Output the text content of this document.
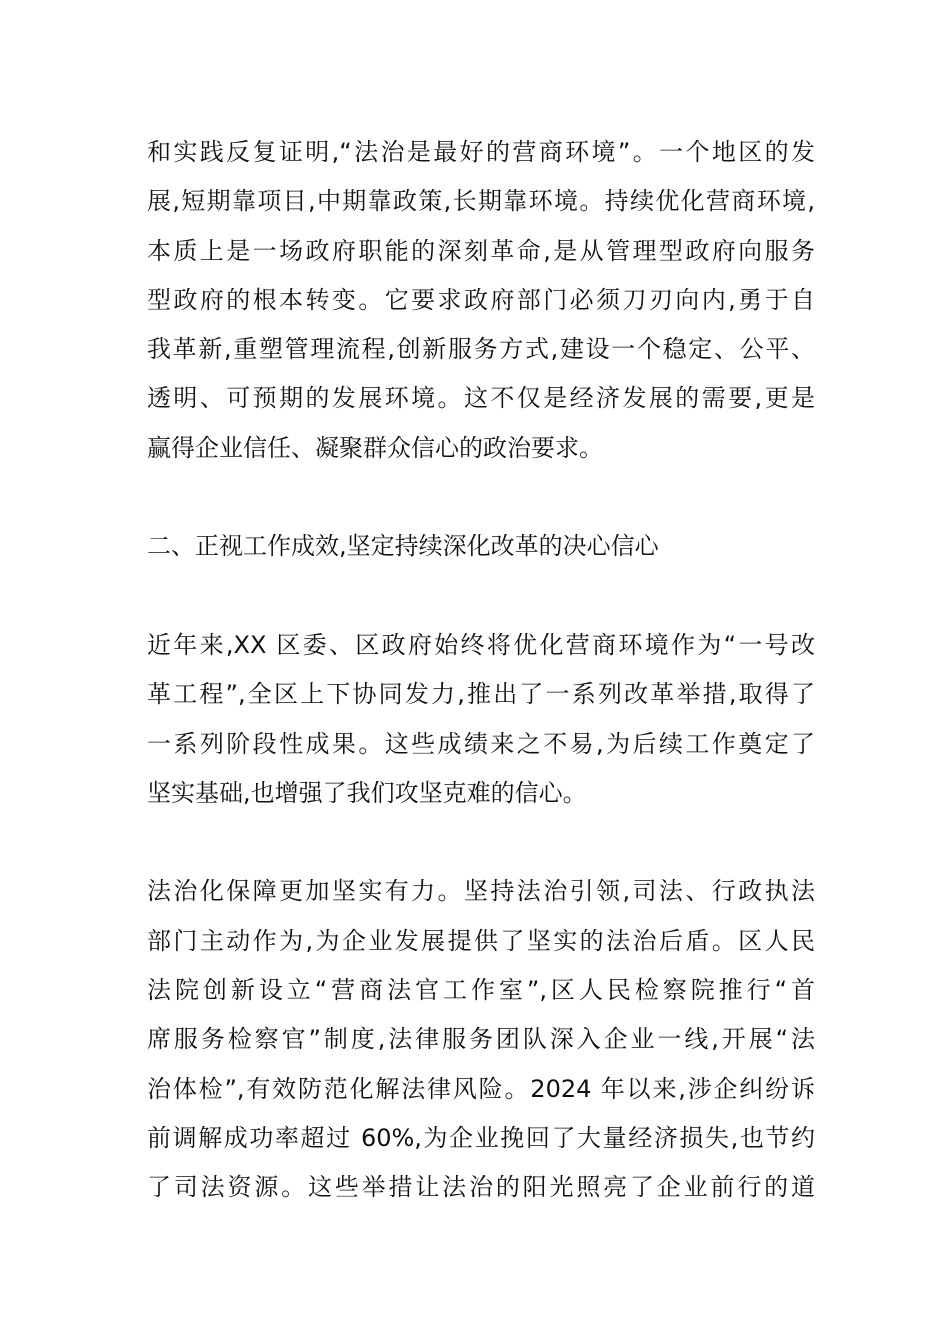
和实践反复证明,“法治是最好的营商环境”。一个地区的发
展,短期靠项目,中期靠政策,长期靠环境。持续优化营商环境,
本质上是一场政府职能的深刻革命,是从管理型政府向服务
型政府的根本转变。它要求政府部门必须刀刃向内,勇于自
我革新,重塑管理流程,创新服务方式,建设一个稳定、公平、
透明、可预期的发展环境。这不仅是经济发展的需要,更是
赢得企业信任、凝聚群众信心的政治要求。
二、正视工作成效,坚定持续深化改革的决心信心
近年来,XX 区委、区政府始终将优化营商环境作为“一号改
革工程”,全区上下协同发力,推出了一系列改革举措,取得了
一系列阶段性成果。这些成绩来之不易,为后续工作奠定了
坚实基础,也增强了我们攻坚克难的信心。
法治化保障更加坚实有力。坚持法治引领,司法、行政执法
部门主动作为,为企业发展提供了坚实的法治后盾。区人民
法院创新设立“营商法官工作室”,区人民检察院推行“首
席服务检察官”制度,法律服务团队深入企业一线,开展“法
治体检”,有效防范化解法律风险。2024 年以来,涉企纠纷诉
前调解成功率超过 60%,为企业挽回了大量经济损失,也节约
了司法资源。这些举措让法治的阳光照亮了企业前行的道
